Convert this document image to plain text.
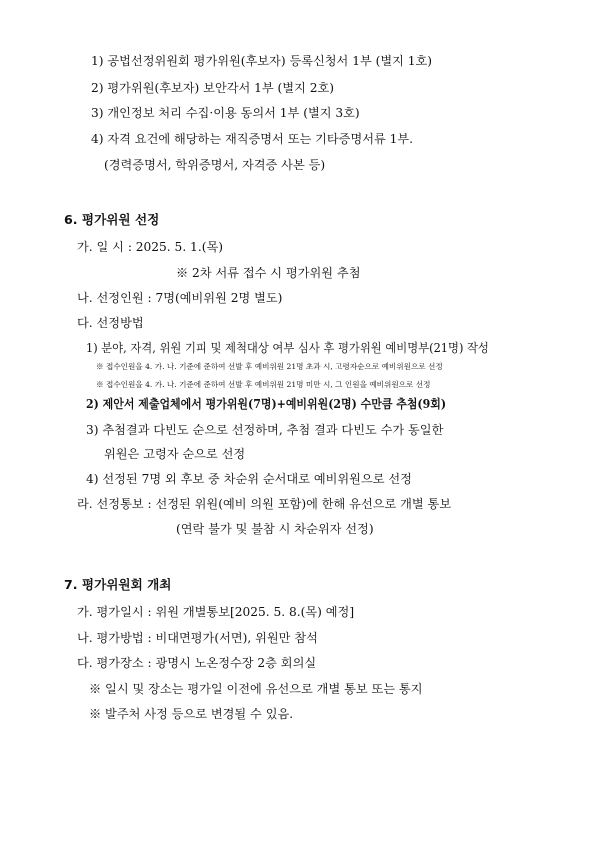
1) 공법선정위원회 평가위원(후보자) 등록신청서 1부 (별지 1호)
2) 평가위원(후보자) 보안각서 1부 (별지 2호)
3) 개인정보 처리 수집·이용 동의서 1부 (별지 3호)
4) 자격 요건에 해당하는 재직증명서 또는 기타증명서류 1부.
(경력증명서, 학위증명서, 자격증 사본 등)
6. 평가위원 선정
가. 일 시 : 2025. 5. 1.(목)
※ 2차 서류 접수 시 평가위원 추첨
나. 선정인원 : 7명(예비위원 2명 별도)
다. 선정방법
1) 분야, 자격, 위원 기피 및 제척대상 여부 심사 후 평가위원 예비명부(21명) 작성
※ 접수인원을 4. 가. 나. 기준에 준하여 선발 후 예비위원 21명 초과 시, 고령자순으로 예비위원으로 선정
※ 접수인원을 4. 가. 나. 기준에 준하여 선발 후 예비위원 21명 미만 시, 그 인원을 예비위원으로 선정
2) 제안서 제출업체에서 평가위원(7명)+예비위원(2명) 수만큼 추첨(9회)
3) 추첨결과 다빈도 순으로 선정하며, 추첨 결과 다빈도 수가 동일한
위원은 고령자 순으로 선정
4) 선정된 7명 외 후보 중 차순위 순서대로 예비위원으로 선정
라. 선정통보 : 선정된 위원(예비 의원 포함)에 한해 유선으로 개별 통보
(연락 불가 및 불참 시 차순위자 선정)
7. 평가위원회 개최
가. 평가일시 : 위원 개별통보[2025. 5. 8.(목) 예정]
나. 평가방법 : 비대면평가(서면), 위원만 참석
다. 평가장소 : 광명시 노온정수장 2층 회의실
※ 일시 및 장소는 평가일 이전에 유선으로 개별 통보 또는 통지
※ 발주처 사정 등으로 변경될 수 있음.
